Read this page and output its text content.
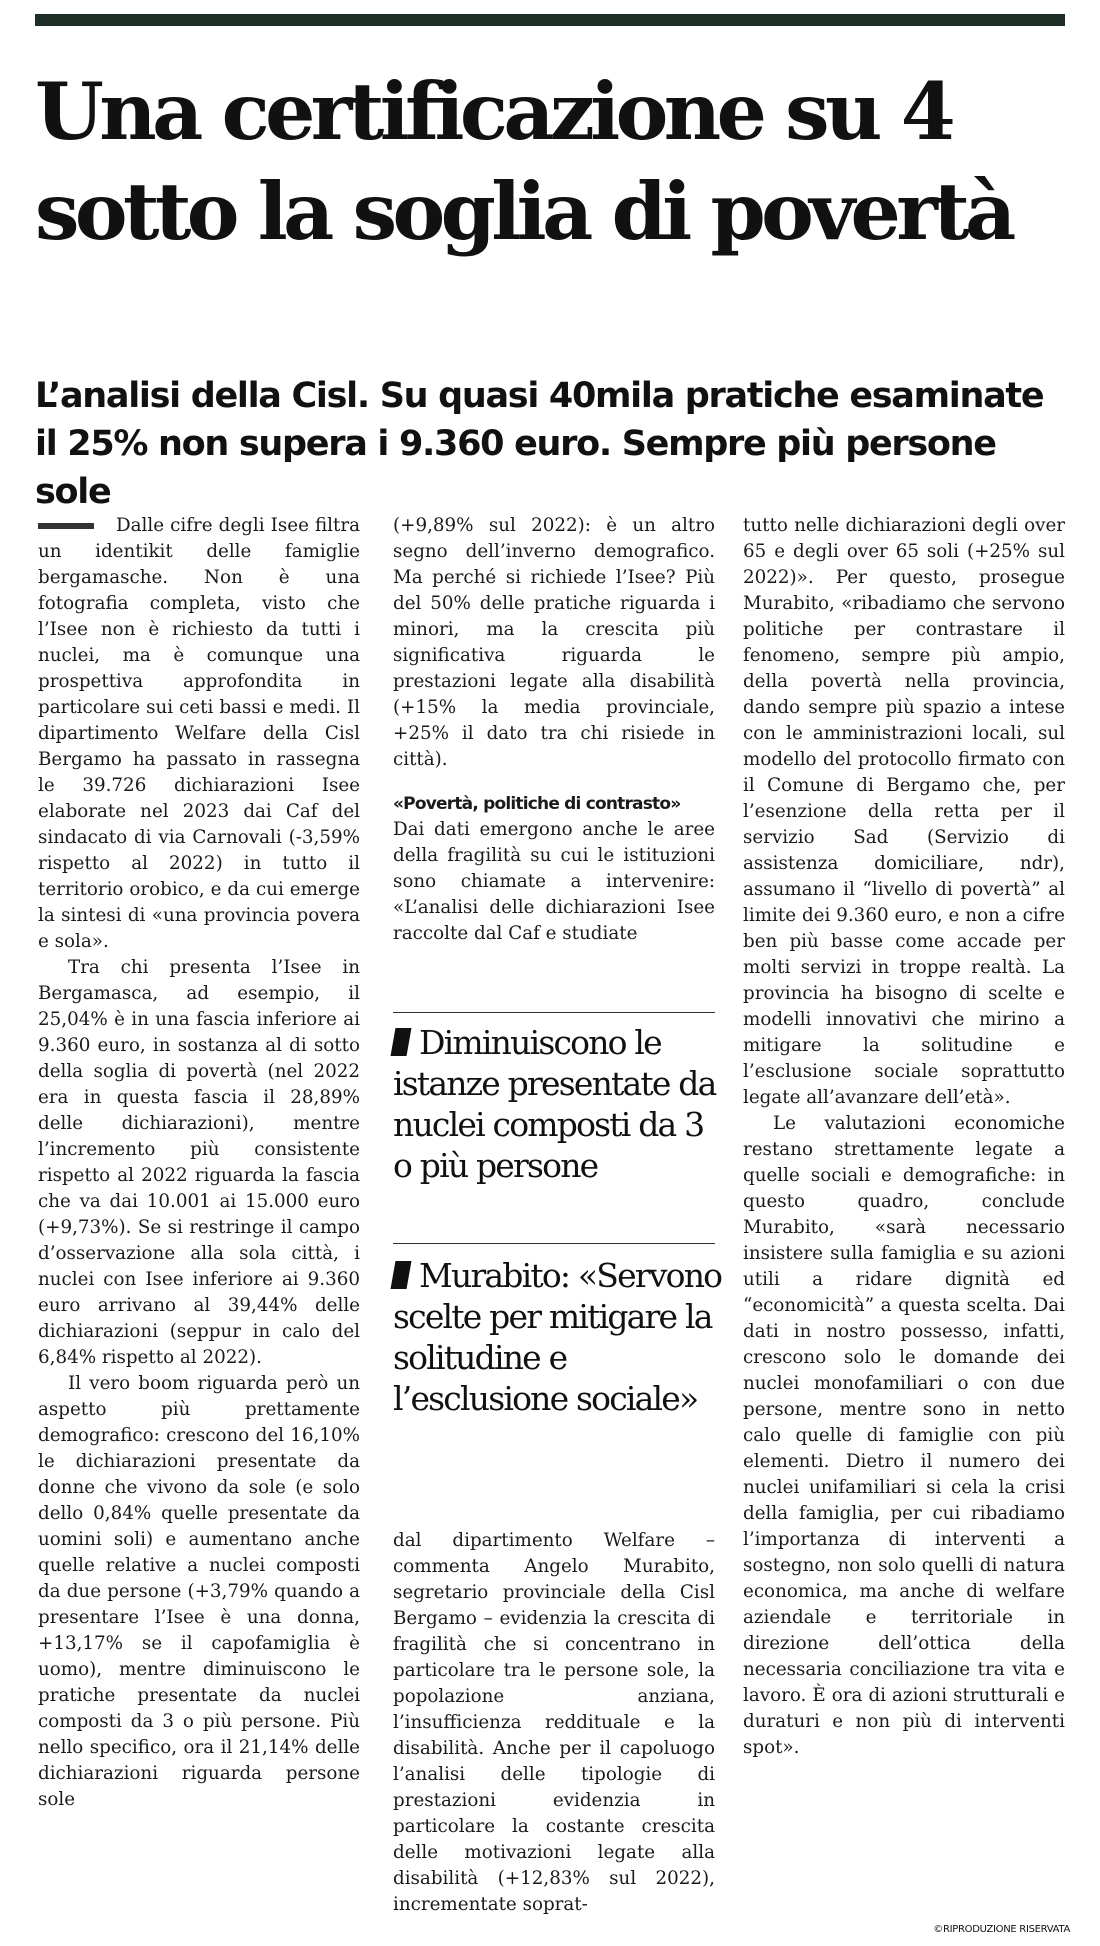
Una certificazione su 4 sotto la soglia di povertà
L’analisi della Cisl. Su quasi 40mila pratiche esaminate il 25% non supera i 9.360 euro. Sempre più persone sole

Dalle cifre degli Isee filtra un identikit delle famiglie bergamasche. Non è una fotografia completa, visto che l’Isee non è richiesto da tutti i nuclei, ma è comunque una prospettiva approfondita in particolare sui ceti bassi e medi. Il dipartimento Welfare della Cisl Bergamo ha passato in rassegna le 39.726 dichiarazioni Isee elaborate nel 2023 dai Caf del sindacato di via Carnovali (-3,59% rispetto al 2022) in tutto il territorio orobico, e da cui emerge la sintesi di «una provincia povera e sola».

Tra chi presenta l’Isee in Bergamasca, ad esempio, il 25,04% è in una fascia inferiore ai 9.360 euro, in sostanza al di sotto della soglia di povertà (nel 2022 era in questa fascia il 28,89% delle dichiarazioni), mentre l’incremento più consistente rispetto al 2022 riguarda la fascia che va dai 10.001 ai 15.000 euro (+9,73%). Se si restringe il campo d’osservazione alla sola città, i nuclei con Isee inferiore ai 9.360 euro arrivano al 39,44% delle dichiarazioni (seppur in calo del 6,84% rispetto al 2022).

Il vero boom riguarda però un aspetto più prettamente demografico: crescono del 16,10% le dichiarazioni presentate da donne che vivono da sole (e solo dello 0,84% quelle presentate da uomini soli) e aumentano anche quelle relative a nuclei composti da due persone (+3,79% quando a presentare l’Isee è una donna, +13,17% se il capofamiglia è uomo), mentre diminuiscono le pratiche presentate da nuclei composti da 3 o più persone. Più nello specifico, ora il 21,14% delle dichiarazioni riguarda persone sole

(+9,89% sul 2022): è un altro segno dell’inverno demografico. Ma perché si richiede l’Isee? Più del 50% delle pratiche riguarda i minori, ma la crescita più significativa riguarda le prestazioni legate alla disabilità (+15% la media provinciale, +25% il dato tra chi risiede in città).

«Povertà, politiche di contrasto»

Dai dati emergono anche le aree della fragilità su cui le istituzioni sono chiamate a intervenire: «L’analisi delle dichiarazioni Isee raccolte dal Caf e studiate

Diminuiscono le istanze presentate da nuclei composti da 3 o più persone
Murabito: «Servono scelte per mitigare la solitudine e l’esclusione sociale»

dal dipartimento Welfare – commenta Angelo Murabito, segretario provinciale della Cisl Bergamo – evidenzia la crescita di fragilità che si concentrano in particolare tra le persone sole, la popolazione anziana, l’insufficienza reddituale e la disabilità. Anche per il capoluogo l’analisi delle tipologie di prestazioni evidenzia in particolare la costante crescita delle motivazioni legate alla disabilità (+12,83% sul 2022), incrementate soprat-

tutto nelle dichiarazioni degli over 65 e degli over 65 soli (+25% sul 2022)». Per questo, prosegue Murabito, «ribadiamo che servono politiche per contrastare il fenomeno, sempre più ampio, della povertà nella provincia, dando sempre più spazio a intese con le amministrazioni locali, sul modello del protocollo firmato con il Comune di Bergamo che, per l’esenzione della retta per il servizio Sad (Servizio di assistenza domiciliare, ndr), assumano il “livello di povertà” al limite dei 9.360 euro, e non a cifre ben più basse come accade per molti servizi in troppe realtà. La provincia ha bisogno di scelte e modelli innovativi che mirino a mitigare la solitudine e l’esclusione sociale soprattutto legate all’avanzare dell’età».

Le valutazioni economiche restano strettamente legate a quelle sociali e demografiche: in questo quadro, conclude Murabito, «sarà necessario insistere sulla famiglia e su azioni utili a ridare dignità ed “economicità” a questa scelta. Dai dati in nostro possesso, infatti, crescono solo le domande dei nuclei monofamiliari o con due persone, mentre sono in netto calo quelle di famiglie con più elementi. Dietro il numero dei nuclei unifamiliari si cela la crisi della famiglia, per cui ribadiamo l’importanza di interventi a sostegno, non solo quelli di natura economica, ma anche di welfare aziendale e territoriale in direzione dell’ottica della necessaria conciliazione tra vita e lavoro. È ora di azioni strutturali e duraturi e non più di interventi spot».

©RIPRODUZIONE RISERVATA
